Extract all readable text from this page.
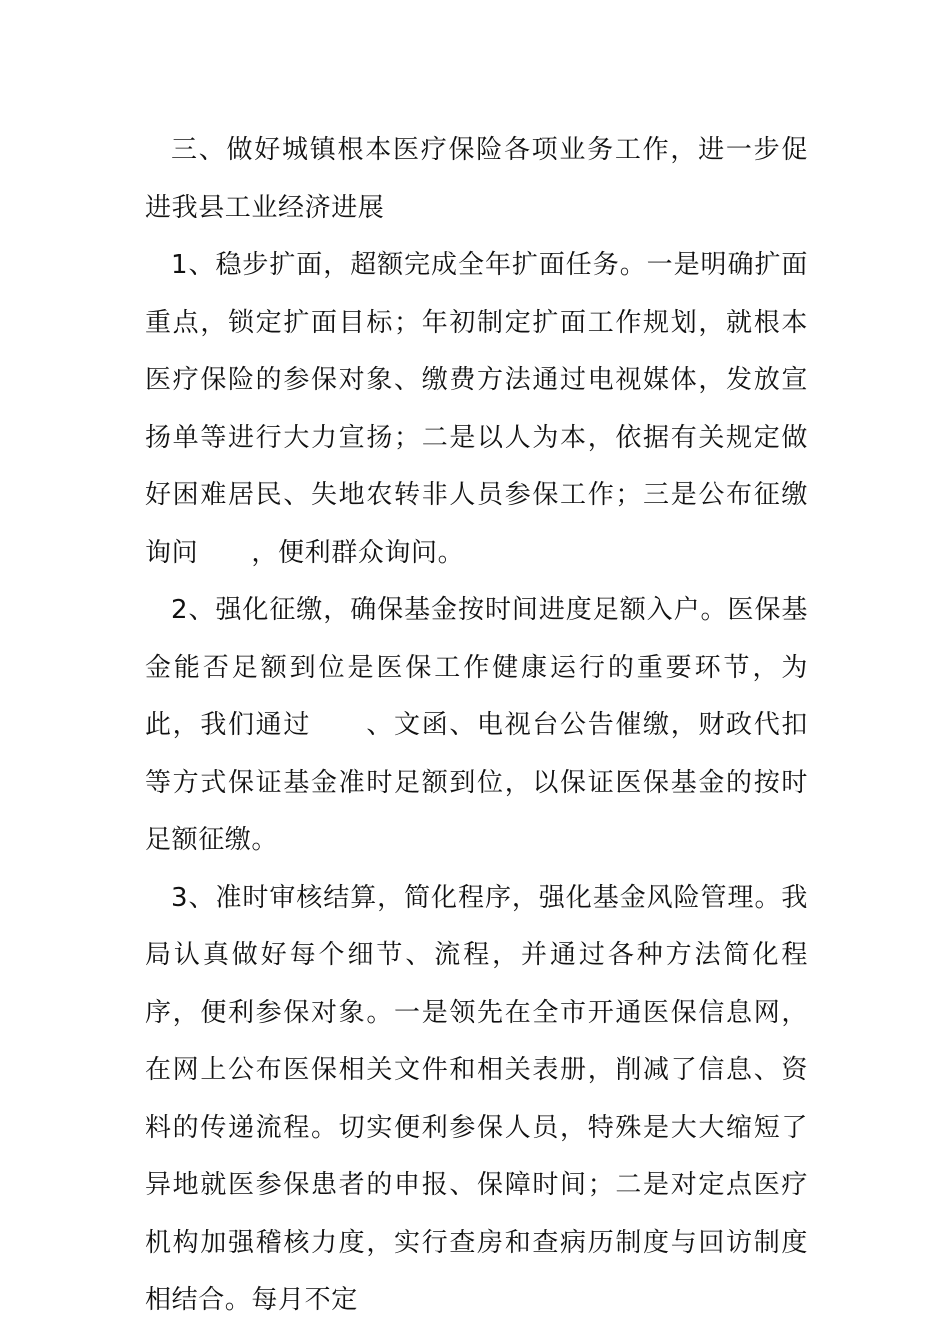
三、做好城镇根本医疗保险各项业务工作，进一步促进我县工业经济进展

1、稳步扩面，超额完成全年扩面任务。一是明确扩面重点，锁定扩面目标；年初制定扩面工作规划，就根本医疗保险的参保对象、缴费方法通过电视媒体，发放宣扬单等进行大力宣扬；二是以人为本，依据有关规定做好困难居民、失地农转非人员参保工作；三是公布征缴询问　　，便利群众询问。

2、强化征缴，确保基金按时间进度足额入户。医保基金能否足额到位是医保工作健康运行的重要环节，为此，我们通过　　、文函、电视台公告催缴，财政代扣等方式保证基金准时足额到位，以保证医保基金的按时足额征缴。

3、准时审核结算，简化程序，强化基金风险管理。我局认真做好每个细节、流程，并通过各种方法简化程序，便利参保对象。一是领先在全市开通医保信息网，在网上公布医保相关文件和相关表册，削减了信息、资料的传递流程。切实便利参保人员，特殊是大大缩短了异地就医参保患者的申报、保障时间；二是对定点医疗机构加强稽核力度，实行查房和查病历制度与回访制度相结合。每月不定
